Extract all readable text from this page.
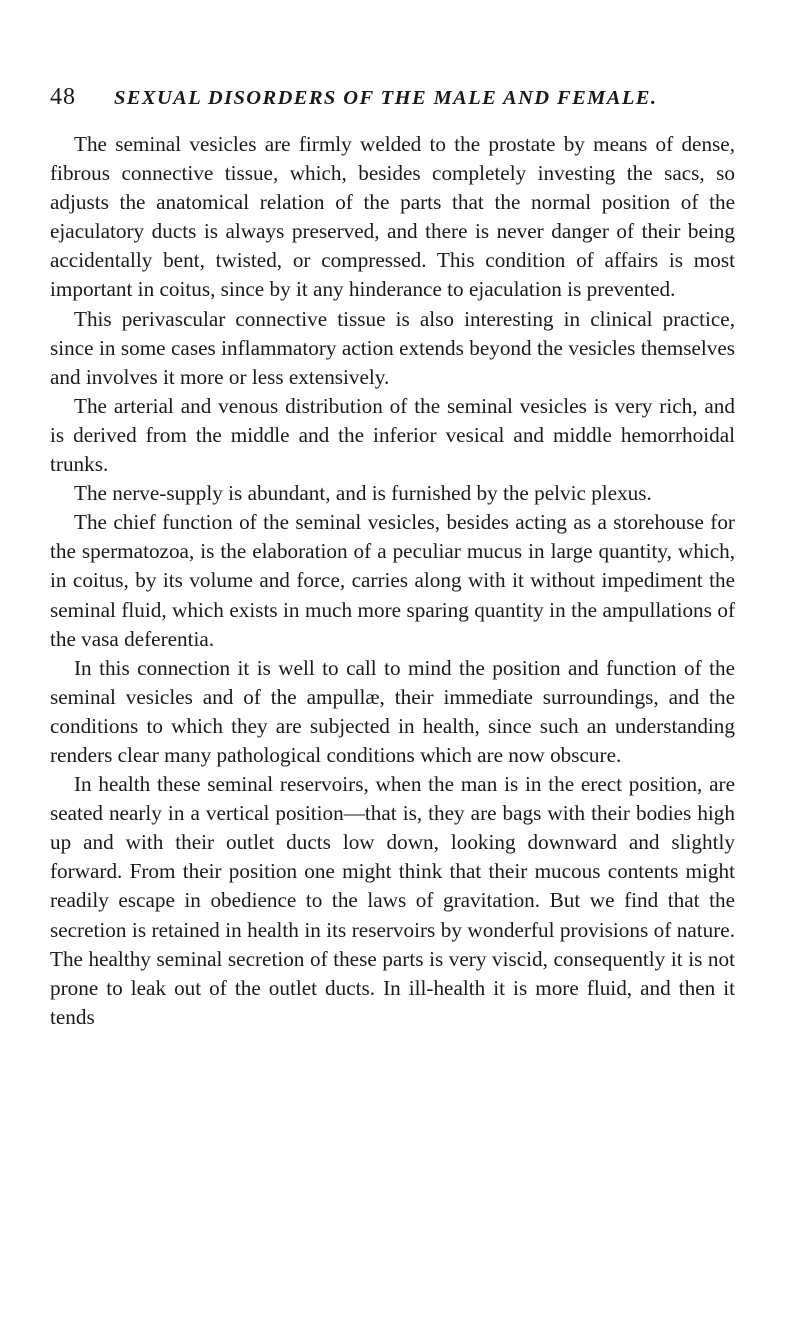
48	SEXUAL DISORDERS OF THE MALE AND FEMALE.

The seminal vesicles are firmly welded to the prostate by means of dense, fibrous connective tissue, which, besides completely investing the sacs, so adjusts the anatomical relation of the parts that the normal position of the ejaculatory ducts is always preserved, and there is never danger of their being accidentally bent, twisted, or compressed. This condition of affairs is most important in coitus, since by it any hinderance to ejaculation is prevented.

This perivascular connective tissue is also interesting in clinical practice, since in some cases inflammatory action extends beyond the vesicles themselves and involves it more or less extensively.

The arterial and venous distribution of the seminal vesicles is very rich, and is derived from the middle and the inferior vesical and middle hemorrhoidal trunks.

The nerve-supply is abundant, and is furnished by the pelvic plexus.

The chief function of the seminal vesicles, besides acting as a storehouse for the spermatozoa, is the elaboration of a peculiar mucus in large quantity, which, in coitus, by its volume and force, carries along with it without impediment the seminal fluid, which exists in much more sparing quantity in the ampullations of the vasa deferentia.

In this connection it is well to call to mind the position and function of the seminal vesicles and of the ampullæ, their immediate surroundings, and the conditions to which they are subjected in health, since such an understanding renders clear many pathological conditions which are now obscure.

In health these seminal reservoirs, when the man is in the erect position, are seated nearly in a vertical position—that is, they are bags with their bodies high up and with their outlet ducts low down, looking downward and slightly forward. From their position one might think that their mucous contents might readily escape in obedience to the laws of gravitation. But we find that the secretion is retained in health in its reservoirs by wonderful provisions of nature. The healthy seminal secretion of these parts is very viscid, consequently it is not prone to leak out of the outlet ducts. In ill-health it is more fluid, and then it tends
